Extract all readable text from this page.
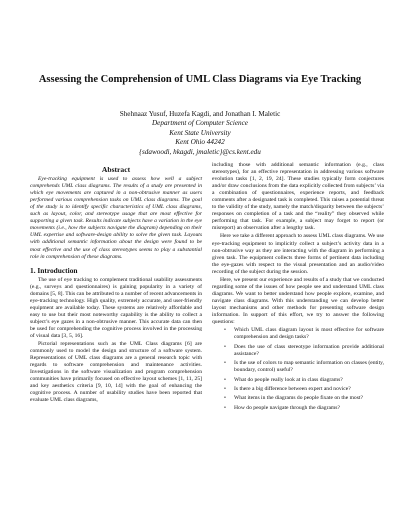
Assessing the Comprehension of UML Class Diagrams via Eye Tracking
Shehnaaz Yusuf, Huzefa Kagdi, and Jonathan I. Maletic
Department of Computer Science
Kent State University
Kent Ohio 44242
{sdawoodi, hkagdi, jmaletic}@cs.kent.edu
Abstract

Eye-tracking equipment is used to assess how well a subject comprehends UML class diagrams. The results of a study are presented in which eye movements are captured in a non-obtrusive manner as users performed various comprehension tasks on UML class diagrams. The goal of the study is to identify specific characteristics of UML class diagrams, such as layout, color, and stereotype usage that are most effective for supporting a given task. Results indicate subjects have a variation in the eye movements (i.e., how the subjects navigate the diagram) depending on their UML expertise and software-design ability to solve the given task. Layouts with additional semantic information about the design were found to be most effective and the use of class stereotypes seems to play a substantial role in comprehension of these diagrams.

1. Introduction

The use of eye tracking to complement traditional usability assessments (e.g., surveys and questionnaires) is gaining popularity in a variety of domains [5, 8]. This can be attributed to a number of recent advancements in eye-tracking technology. High quality, extremely accurate, and user-friendly equipment are available today. These systems are relatively affordable and easy to use but their most noteworthy capability is the ability to collect a subject’s eye gazes in a non-obtrusive manner. This accurate data can then be used for comprehending the cognitive process involved in the processing of visual data [3, 5, 16].

Pictorial representations such as the UML Class diagrams [6] are commonly used to model the design and structure of a software system. Representations of UML class diagrams are a general research topic with regards to software comprehension and maintenance activities. Investigations in the software visualization and program comprehension communities have primarily focused on effective layout schemes [1, 11, 25] and key aesthetics criteria [9, 10, 14] with the goal of enhancing the cognitive process. A number of usability studies have been reported that evaluate UML class diagrams,

including those with additional semantic information (e.g., class stereotypes), for an effective representation in addressing various software evolution tasks [1, 2, 19, 24]. These studies typically form conjectures and/or draw conclusions from the data explicitly collected from subjects’ via a combination of questionnaires, experience reports, and feedback comments after a designated task is completed. This raises a potential threat to the validity of the study, namely the match/disparity between the subjects’ responses on completion of a task and the “reality” they observed while performing that task. For example, a subject may forget to report (or misreport) an observation after a lengthy task.

Here we take a different approach to assess UML class diagrams. We use eye-tracking equipment to implicitly collect a subject’s activity data in a non-obtrusive way as they are interacting with the diagram in performing a given task. The equipment collects three forms of pertinent data including the eye-gazes with respect to the visual presentation and an audio/video recording of the subject during the session.

Here, we present our experience and results of a study that we conducted regarding some of the issues of how people see and understand UML class diagrams. We want to better understand how people explore, examine, and navigate class diagrams. With this understanding we can develop better layout mechanisms and other methods for presenting software design information. In support of this effort, we try to answer the following questions:

• Which UML class diagram layout is most effective for software comprehension and design tasks?
• Does the use of class stereotype information provide additional assistance?
• Is the use of colors to map semantic information on classes (entity, boundary, control) useful?
• What do people really look at in class diagrams?
• Is there a big difference between expert and novice?
• What items in the diagrams do people fixate on the most?
• How do people navigate through the diagrams?
